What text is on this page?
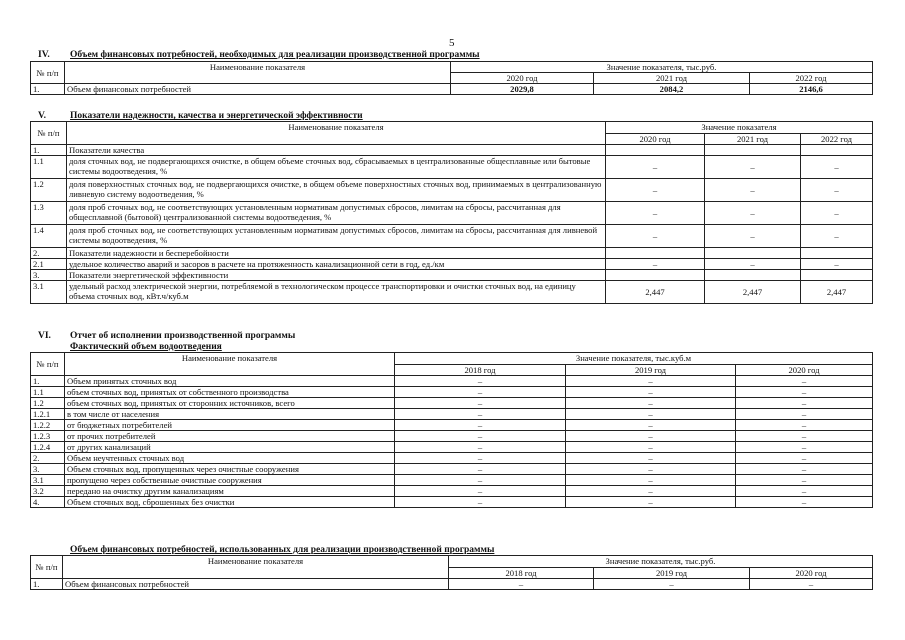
5
IV. Объем финансовых потребностей, необходимых для реализации производственной программы
№ п/п	Наименование показателя	Значение показателя, тыс.руб.		
		2020 год	2021 год	2022 год
1.	Объем финансовых потребностей	2029,8	2084,2	2146,6
V.	Показатели надежности, качества и энергетической эффективности
№ п/п	Наименование показателя	Значение показателя		
		2020 год	2021 год	2022 год
1.	Показатели качества			
1.1	доля сточных вод, не подвергающихся очистке, в общем объеме сточных вод, сбрасываемых в централизованные общесплавные или бытовые системы водоотведения, %	–	–	–
1.2	доля поверхностных сточных вод, не подвергающихся очистке, в общем объеме поверхностных сточных вод, принимаемых в централизованную ливневую систему водоотведения, %	–	–	–
1.3	доля проб сточных вод, не соответствующих установленным нормативам допустимых сбросов, лимитам на сбросы, рассчитанная для общесплавной (бытовой) централизованной системы водоотведения, %	–	–	–
1.4	доля проб сточных вод, не соответствующих установленным нормативам допустимых сбросов, лимитам на сбросы, рассчитанная для ливневой системы водоотведения, %	–	–	–
2.	Показатели надежности и бесперебойности			
2.1	удельное количество аварий и засоров в расчете на протяженность канализационной сети в год, ед./км	–	–	–
3.	Показатели энергетической эффективности			
3.1	удельный расход электрической энергии, потребляемой в технологическом процессе транспортировки и очистки сточных вод, на единицу объема сточных вод, кВт.ч/куб.м	2,447	2,447	2,447
VI. Отчет об исполнении производственной программы
Фактический объем водоотведения
№ п/п	Наименование показателя	Значение показателя, тыс.куб.м		
		2018 год	2019 год	2020 год
1.	Объем принятых сточных вод	–	–	–
1.1	объем сточных вод, принятых от собственного производства	–	–	–
1.2	объем сточных вод, принятых от сторонних источников, всего	–	–	–
1.2.1	в том числе от населения	–	–	–
1.2.2	от бюджетных потребителей	–	–	–
1.2.3	от прочих потребителей	–	–	–
1.2.4	от других канализаций	–	–	–
2.	Объем неучтенных сточных вод	–	–	–
3.	Объем сточных вод, пропущенных через очистные сооружения	–	–	–
3.1	пропущено через собственные очистные сооружения	–	–	–
3.2	передано на очистку другим канализациям	–	–	–
4.	Объем сточных вод, сброшенных без очистки	–	–	–
Объем финансовых потребностей, использованных для реализации производственной программы
№ п/п	Наименование показателя	Значение показателя, тыс.руб.		
		2018 год	2019 год	2020 год
1.	Объем финансовых потребностей	–	–	–
